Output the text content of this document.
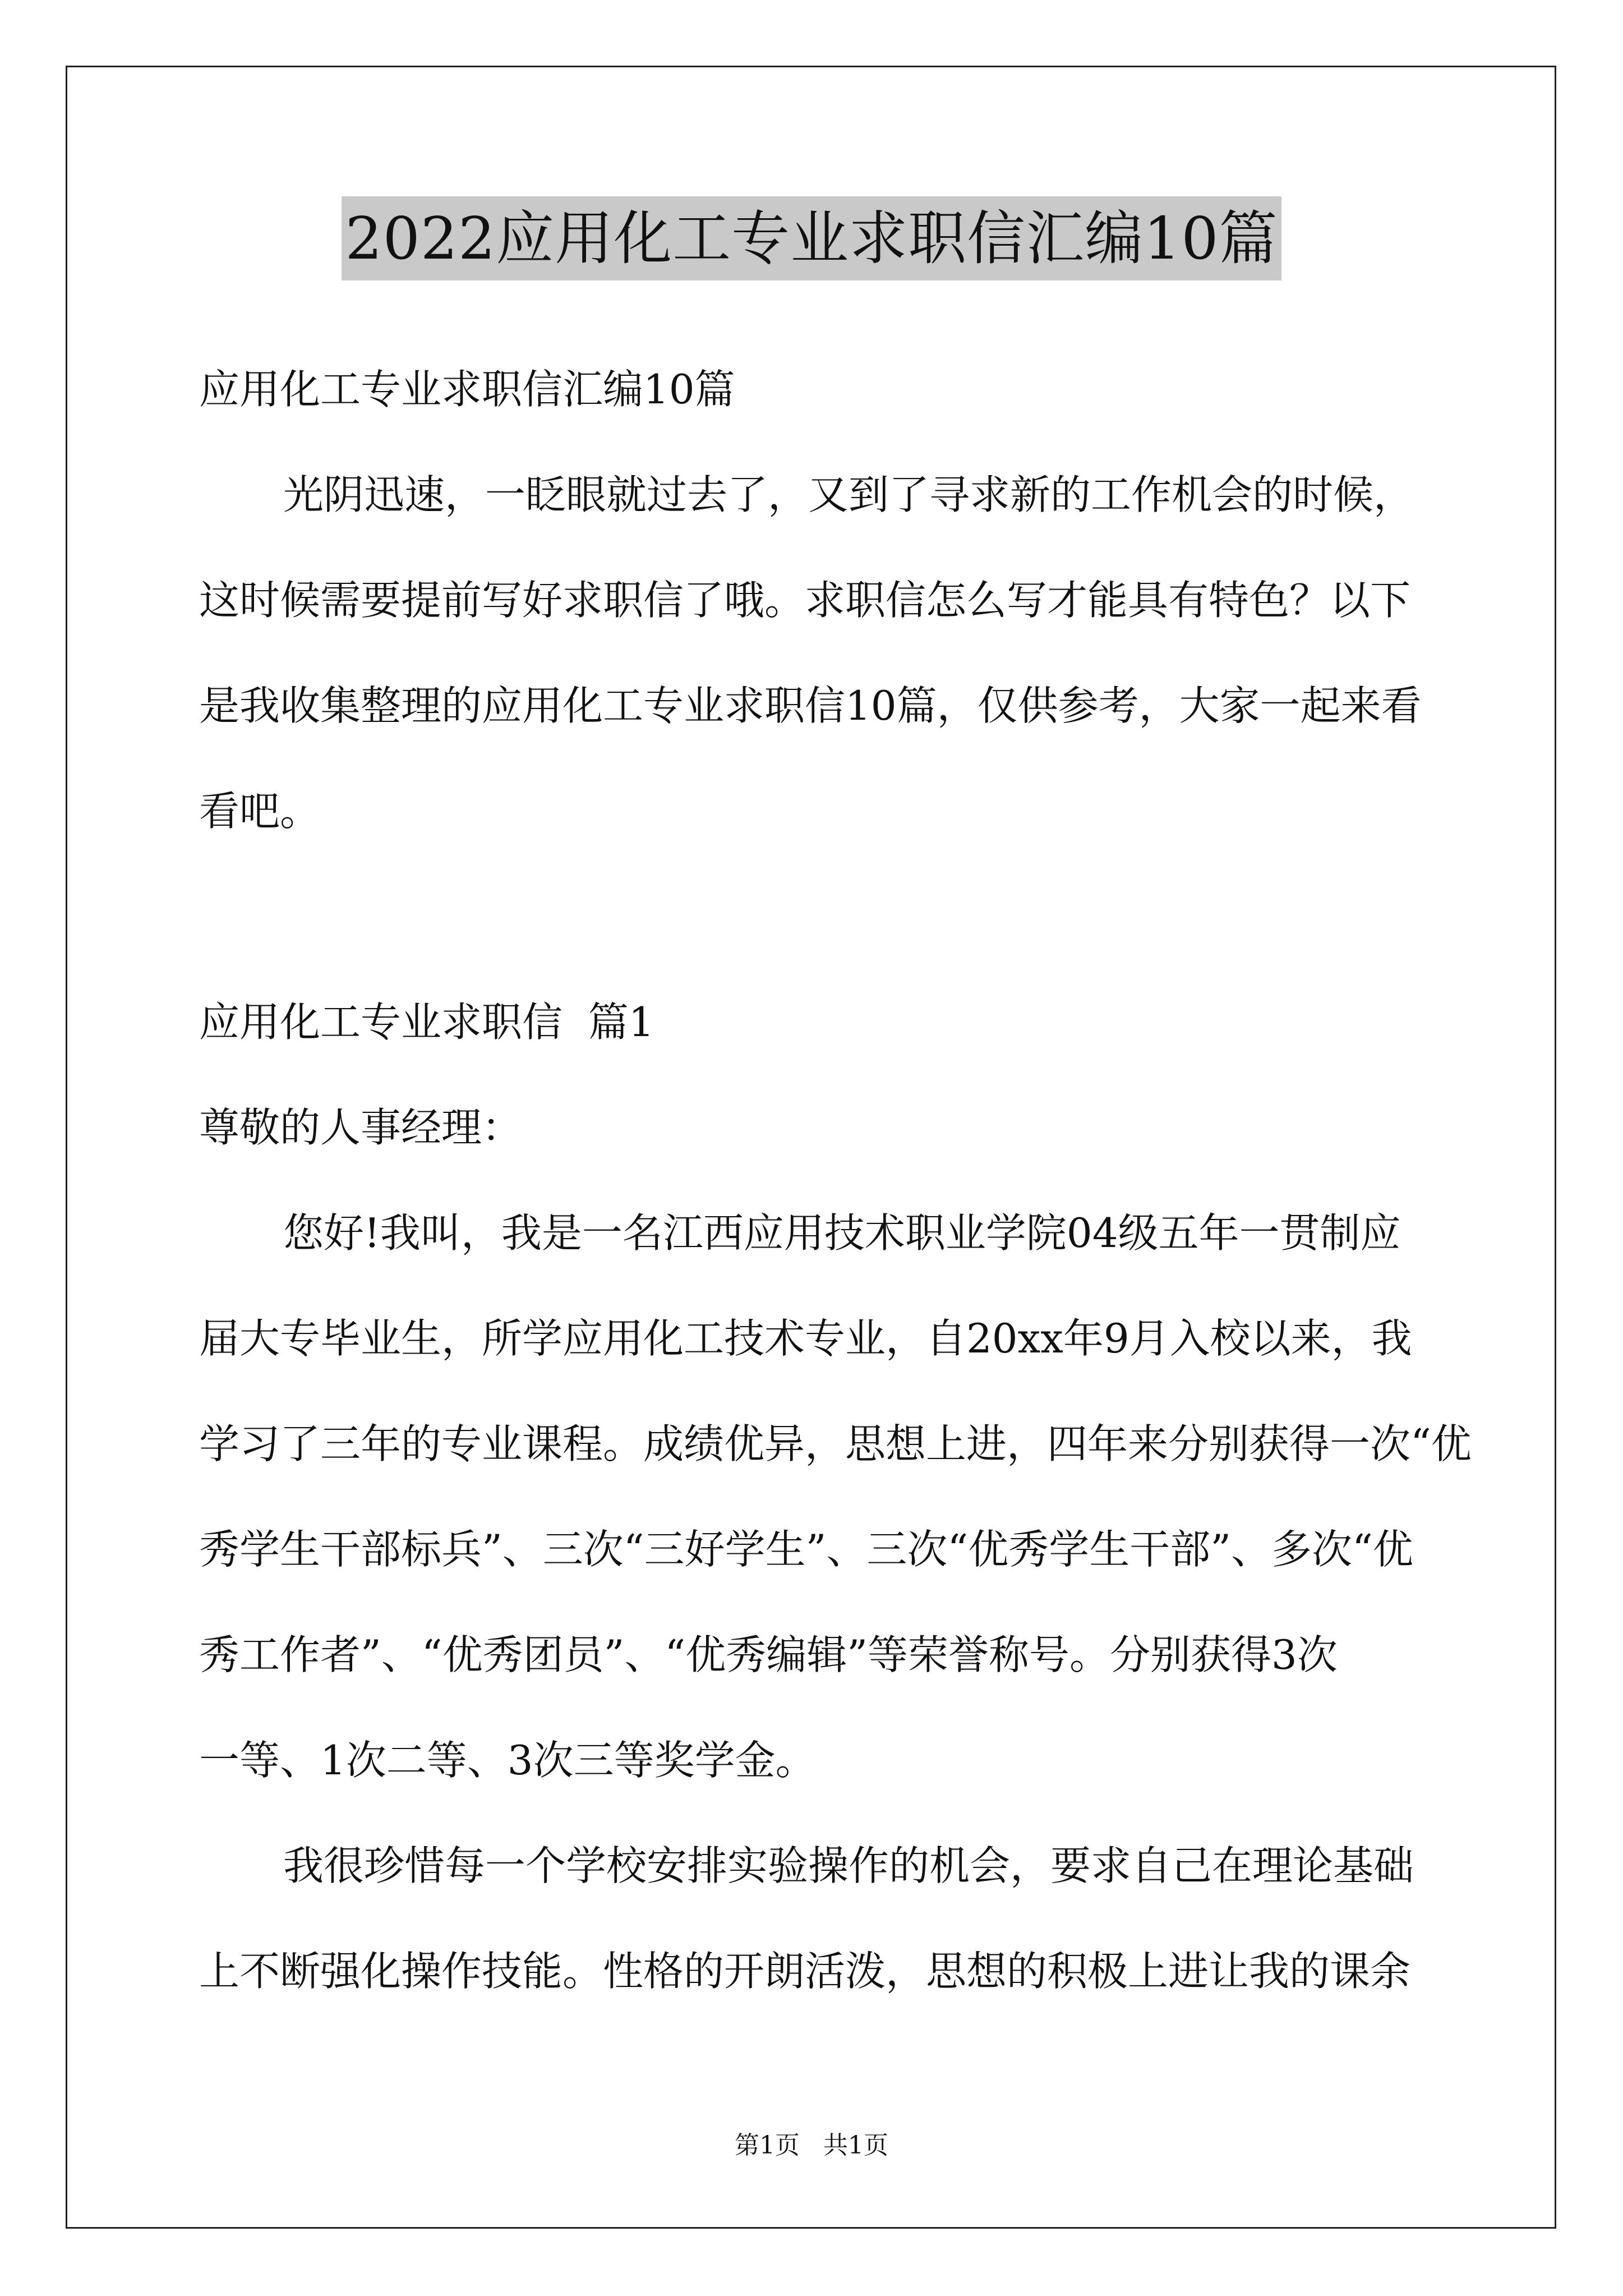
2022应用化工专业求职信汇编10篇
应用化工专业求职信汇编10篇
光阴迅速，一眨眼就过去了，又到了寻求新的工作机会的时候，
这时候需要提前写好求职信了哦。求职信怎么写才能具有特色？以下
是我收集整理的应用化工专业求职信10篇，仅供参考，大家一起来看
看吧。
应用化工专业求职信  篇1
尊敬的人事经理：
您好!我叫，我是一名江西应用技术职业学院04级五年一贯制应
届大专毕业生，所学应用化工技术专业，自20xx年9月入校以来，我
学习了三年的专业课程。成绩优异，思想上进，四年来分别获得一次“优
秀学生干部标兵”、三次“三好学生”、三次“优秀学生干部”、多次“优
秀工作者”、“优秀团员”、“优秀编辑”等荣誉称号。分别获得3次
一等、1次二等、3次三等奖学金。
我很珍惜每一个学校安排实验操作的机会，要求自己在理论基础
上不断强化操作技能。性格的开朗活泼，思想的积极上进让我的课余
第1页   共1页
